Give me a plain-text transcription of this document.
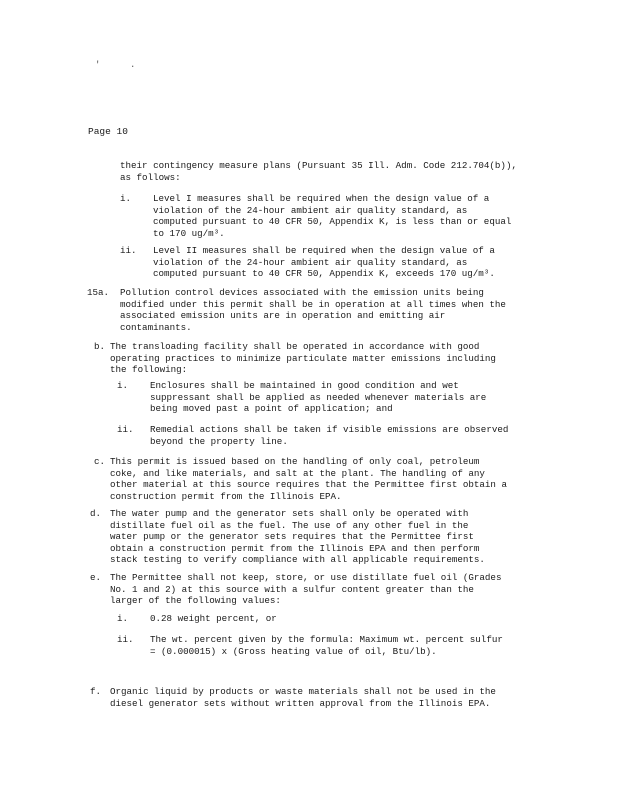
'	.
Page 10
their contingency measure plans (Pursuant 35 Ill. Adm. Code 212.704(b)),
as follows:
i. Level I measures shall be required when the design value of a
violation of the 24-hour ambient air quality standard, as
computed pursuant to 40 CFR 50, Appendix K, is less than or equal
to 170 ug/m³.
ii. Level II measures shall be required when the design value of a
violation of the 24-hour ambient air quality standard, as
computed pursuant to 40 CFR 50, Appendix K, exceeds 170 ug/m³.
15a. Pollution control devices associated with the emission units being
modified under this permit shall be in operation at all times when the
associated emission units are in operation and emitting air
contaminants.
b. The transloading facility shall be operated in accordance with good
operating practices to minimize particulate matter emissions including
the following:
i. Enclosures shall be maintained in good condition and wet
suppressant shall be applied as needed whenever materials are
being moved past a point of application; and
ii. Remedial actions shall be taken if visible emissions are observed
beyond the property line.
c. This permit is issued based on the handling of only coal, petroleum
coke, and like materials, and salt at the plant. The handling of any
other material at this source requires that the Permittee first obtain a
construction permit from the Illinois EPA.
d. The water pump and the generator sets shall only be operated with
distillate fuel oil as the fuel. The use of any other fuel in the
water pump or the generator sets requires that the Permittee first
obtain a construction permit from the Illinois EPA and then perform
stack testing to verify compliance with all applicable requirements.
e. The Permittee shall not keep, store, or use distillate fuel oil (Grades
No. 1 and 2) at this source with a sulfur content greater than the
larger of the following values:
i. 0.28 weight percent, or
ii. The wt. percent given by the formula: Maximum wt. percent sulfur
= (0.000015) x (Gross heating value of oil, Btu/lb).
f. Organic liquid by products or waste materials shall not be used in the
diesel generator sets without written approval from the Illinois EPA.
